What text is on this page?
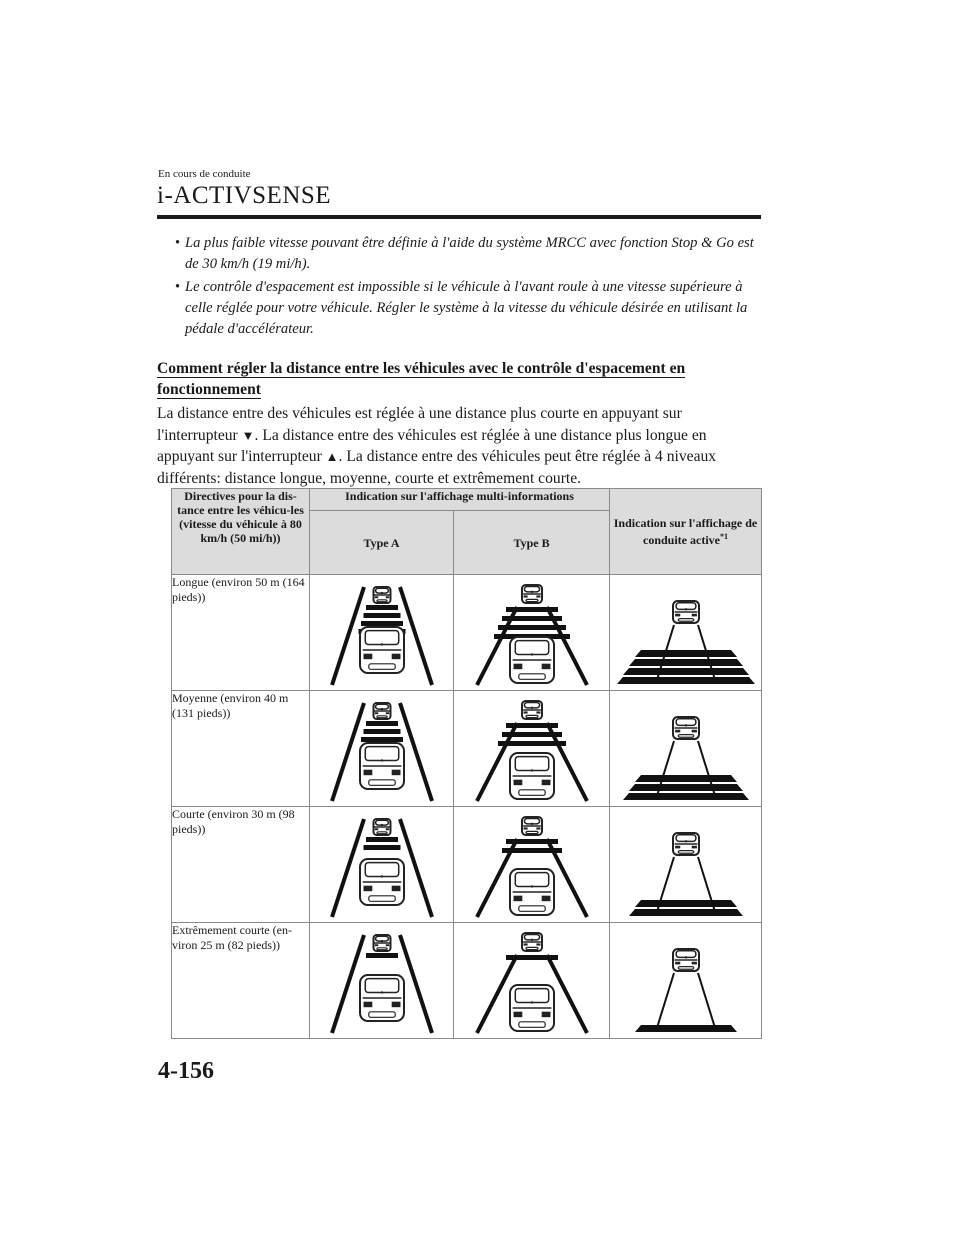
En cours de conduite
i-ACTIVSENSE
• La plus faible vitesse pouvant être définie à l'aide du système MRCC avec fonction Stop & Go est de 30 km/h (19 mi/h).
• Le contrôle d'espacement est impossible si le véhicule à l'avant roule à une vitesse supérieure à celle réglée pour votre véhicule. Régler le système à la vitesse du véhicule désirée en utilisant la pédale d'accélérateur.
Comment régler la distance entre les véhicules avec le contrôle d'espacement en fonctionnement
La distance entre des véhicules est réglée à une distance plus courte en appuyant sur l'interrupteur ▼. La distance entre des véhicules est réglée à une distance plus longue en appuyant sur l'interrupteur ▲. La distance entre des véhicules peut être réglée à 4 niveaux différents: distance longue, moyenne, courte et extrêmement courte.
Directives pour la dis-tance entre les véhicu-les (vitesse du véhicule à 80 km/h (50 mi/h))	Indication sur l'affichage multi-informations		Indication sur l'affichage de conduite active$^{*1}$
	Type A	Type B	
Longue (environ 50 m (164 pieds))	

Moyenne (environ 40 m (131 pieds))	

Courte (environ 30 m (98 pieds))	

Extrêmement courte (en-viron 25 m (82 pieds))	

4-156
